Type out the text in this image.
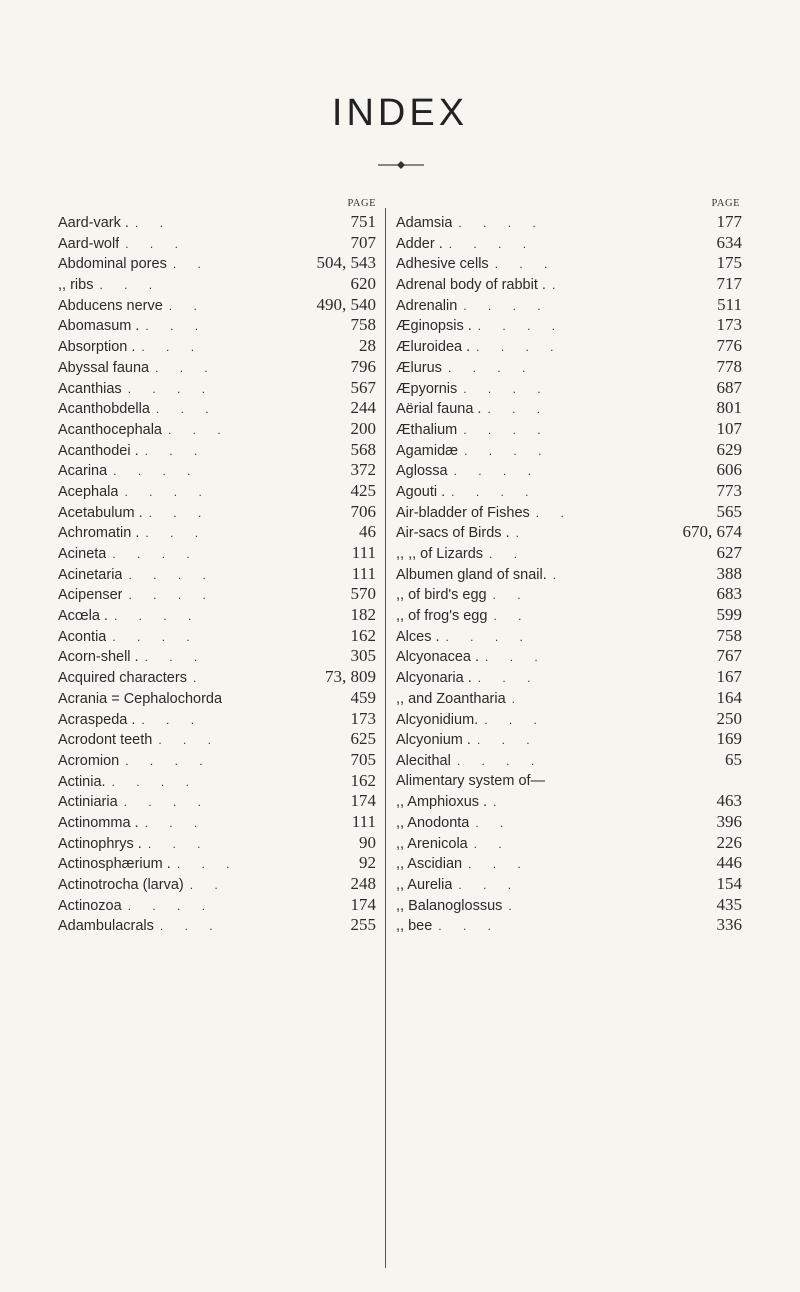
INDEX
PAGE
Aard-vark . . .	751
Aard-wolf . . .	707
Abdominal pores . .	504, 543
,, ribs . . .	620
Abducens nerve . .	490, 540
Abomasum . . . .	758
Absorption . . . .	28
Abyssal fauna . . .	796
Acanthias . . . .	567
Acanthobdella . . .	244
Acanthocephala . . .	200
Acanthodei . . . .	568
Acarina . . . .	372
Acephala . . . .	425
Acetabulum . . . .	706
Achromatin . . . .	46
Acineta . . . .	111
Acinetaria . . . .	111
Acipenser . . . .	570
Acœla . . . . .	182
Acontia . . . .	162
Acorn-shell . . . .	305
Acquired characters .	73, 809
Acrania = Cephalochorda	459
Acraspeda . . . .	173
Acrodont teeth . . .	625
Acromion . . . .	705
Actinia. . . . .	162
Actiniaria . . . .	174
Actinomma . . . .	111
Actinophrys . . . .	90
Actinosphærium . . . .	92
Actinotrocha (larva) . .	248
Actinozoa . . . .	174
Adambulacrals . . .	255
PAGE
Adamsia . . . .	177
Adder . . . . .	634
Adhesive cells . . .	175
Adrenal body of rabbit . .	717
Adrenalin . . . .	511
Æginopsis . . . . .	173
Æluroidea . . . . .	776
Ælurus . . . .	778
Æpyornis . . . .	687
Aërial fauna . . . .	801
Æthalium . . . .	107
Agamidæ . . . .	629
Aglossa . . . .	606
Agouti . . . . .	773
Air-bladder of Fishes . .	565
Air-sacs of Birds . .	670, 674
,, ,, of Lizards . .	627
Albumen gland of snail. .	388
,, of bird's egg . .	683
,, of frog's egg . .	599
Alces . . . . .	758
Alcyonacea . . . .	767
Alcyonaria . . . .	167
,, and Zoantharia .	164
Alcyonidium. . . .	250
Alcyonium . . . .	169
Alecithal . . . .	65
Alimentary system of—
,, Amphioxus . .	463
,, Anodonta . .	396
,, Arenicola . .	226
,, Ascidian . . .	446
,, Aurelia . . .	154
,, Balanoglossus .	435
,, bee . . .	336
